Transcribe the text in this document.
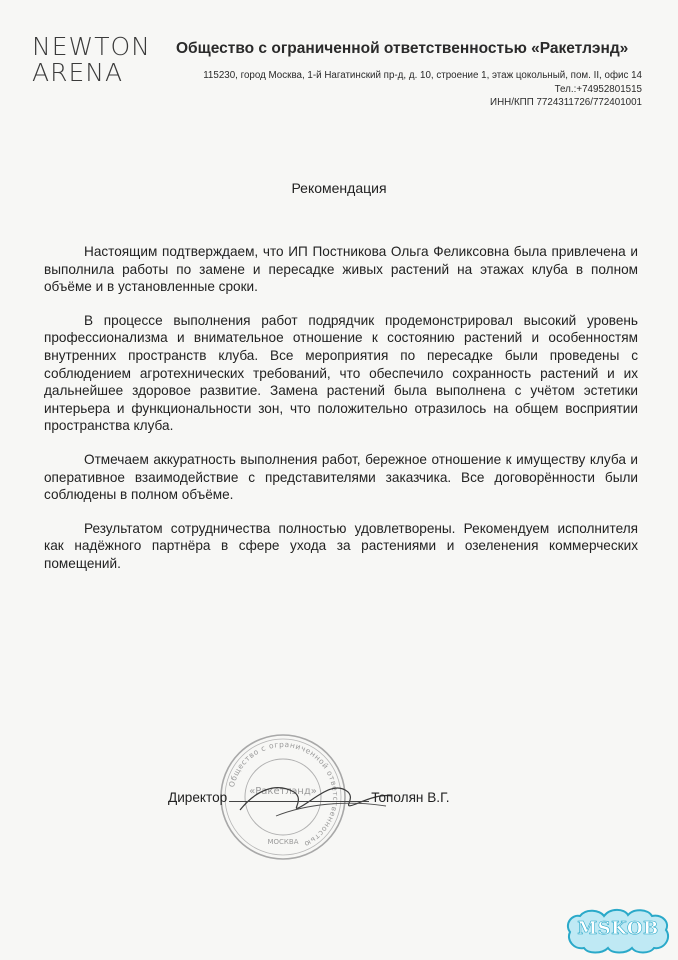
NEWTON
ARENA
Общество с ограниченной ответственностью «Ракетлэнд»
115230, город Москва, 1-й Нагатинский пр-д, д. 10, строение 1, этаж цокольный, пом. II, офис 14
Тел.:+74952801515
ИНН/КПП 7724311726/772401001
Рекомендация

Настоящим подтверждаем, что ИП Постникова Ольга Феликсовна была привлечена и выполнила работы по замене и пересадке живых растений на этажах клуба в полном объёме и в установленные сроки.

В процессе выполнения работ подрядчик продемонстрировал высокий уровень профессионализма и внимательное отношение к состоянию растений и особенностям внутренних пространств клуба. Все мероприятия по пересадке были проведены с соблюдением агротехнических требований, что обеспечило сохранность растений и их дальнейшее здоровое развитие. Замена растений была выполнена с учётом эстетики интерьера и функциональности зон, что положительно отразилось на общем восприятии пространства клуба.

Отмечаем аккуратность выполнения работ, бережное отношение к имуществу клуба и оперативное взаимодействие с представителями заказчика. Все договорённости были соблюдены в полном объёме.

Результатом сотрудничества полностью удовлетворены. Рекомендуем исполнителя как надёжного партнёра в сфере ухода за растениями и озеленения коммерческих помещений.

Общество с ограниченной ответственностью
«Ракетлэнд»
МОСКВА
Директор	Тополян В.Г.
MSKOB
